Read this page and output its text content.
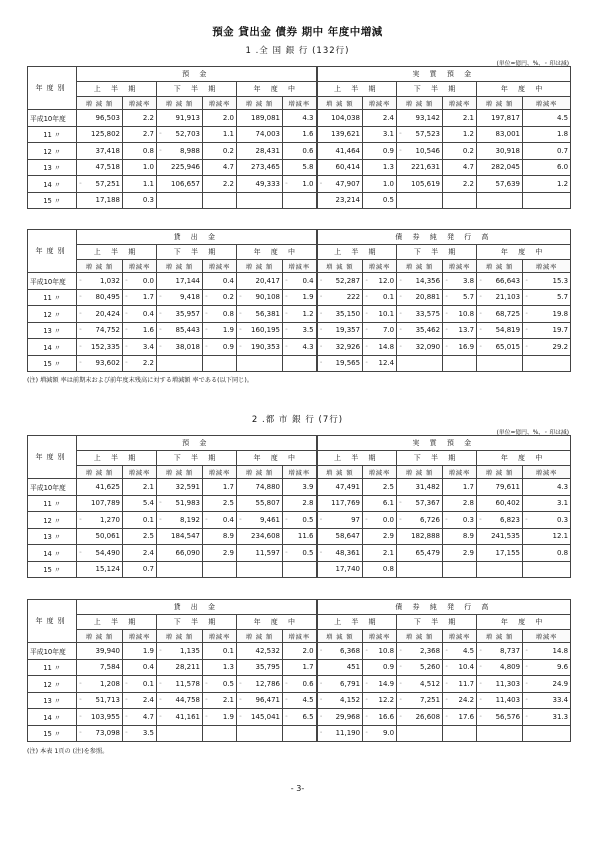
預金 貸出金 債券 期中 年度中増減
1 .全 国 銀 行 (132行)
(単位=億円、%、◦ 印は減)
年度別	預 金						実 質 預 金					
	上 半 期		下 半 期		年 度 中		上 半 期		下 半 期		年 度 中	
	増 減 額	増減率	増 減 額	増減率	増 減 額	増減率	増 減 額	増減率	増 減 額	増減率	増 減 額	増減率
平成10年度	96,503	2.2	91,913	2.0	189,081	4.3	104,038	2.4	93,142	2.1	197,817	4.5
11 〃	125,802	2.7	◦ 52,703	1.1	74,003	1.6	139,621	3.1	◦ 57,523	1.2	83,001	1.8
12 〃	37,418	0.8	◦ 8,988	0.2	28,431	0.6	41,464	0.9	◦ 10,546	0.2	30,918	0.7
13 〃	47,518	1.0	225,946	4.7	273,465	5.8	60,414	1.3	221,631	4.7	282,045	6.0
14 〃	◦ 57,251	1.1	106,657	2.2	49,333	◦ 1.0	◦ 47,907	1.0	105,619	2.2	57,639	1.2
15 〃	17,188	0.3					23,214	0.5				
年度別	貸 出 金						債 券 純 発 行 高					
	上 半 期		下 半 期		年 度 中		上 半 期		下 半 期		年 度 中	
	増 減 額	増減率	増 減 額	増減率	増 減 額	増減率	増 減 額	増減率	増 減 額	増減率	増 減 額	増減率
平成10年度	◦ 1,032	◦ 0.0	17,144	0.4	20,417	◦ 0.4	◦ 52,287	◦ 12.0	◦ 14,356	◦ 3.8	◦ 66,643	◦ 15.3
11 〃	◦ 80,495	◦ 1.7	◦ 9,418	◦ 0.2	◦ 90,108	◦ 1.9	◦ 222	◦ 0.1	◦ 20,881	◦ 5.7	◦ 21,103	◦ 5.7
12 〃	◦ 20,424	◦ 0.4	◦ 35,957	◦ 0.8	◦ 56,381	◦ 1.2	◦ 35,150	◦ 10.1	◦ 33,575	◦ 10.8	◦ 68,725	◦ 19.8
13 〃	◦ 74,752	◦ 1.6	◦ 85,443	◦ 1.9	◦ 160,195	◦ 3.5	◦ 19,357	◦ 7.0	◦ 35,462	◦ 13.7	◦ 54,819	◦ 19.7
14 〃	◦ 152,335	◦ 3.4	◦ 38,018	◦ 0.9	◦ 190,353	◦ 4.3	◦ 32,926	◦ 14.8	◦ 32,090	◦ 16.9	◦ 65,015	◦ 29.2
15 〃	◦ 93,602	◦ 2.2					◦ 19,565	◦ 12.4				
(注) 増減額 率は前期末および前年度末残高に対する増減額 率である(以下同じ)。
2 .都 市 銀 行 (7行)
(単位=億円、%、◦ 印は減)
年度別	預 金						実 質 預 金					
	上 半 期		下 半 期		年 度 中		上 半 期		下 半 期		年 度 中	
	増 減 額	増減率	増 減 額	増減率	増 減 額	増減率	増 減 額	増減率	増 減 額	増減率	増 減 額	増減率
平成10年度	41,625	2.1	32,591	1.7	74,880	3.9	47,491	2.5	31,482	1.7	79,611	4.3
11 〃	107,789	5.4	◦ 51,983	2.5	55,807	2.8	117,769	6.1	◦ 57,367	2.8	60,402	3.1
12 〃	◦ 1,270	0.1	◦ 8,192	◦ 0.4	◦ 9,461	◦ 0.5	◦ 97	◦ 0.0	◦ 6,726	◦ 0.3	◦ 6,823	◦ 0.3
13 〃	50,061	2.5	184,547	8.9	234,608	11.6	58,647	2.9	182,888	8.9	241,535	12.1
14 〃	◦ 54,490	2.4	66,090	2.9	11,597	◦ 0.5	◦ 48,361	2.1	65,479	2.9	17,155	0.8
15 〃	15,124	0.7					17,740	0.8				
年度別	貸 出 金						債 券 純 発 行 高					
	上 半 期		下 半 期		年 度 中		上 半 期		下 半 期		年 度 中	
	増 減 額	増減率	増 減 額	増減率	増 減 額	増減率	増 減 額	増減率	増 減 額	増減率	増 減 額	増減率
平成10年度	39,940	1.9	◦ 1,135	0.1	42,532	2.0	◦ 6,368	◦ 10.8	◦ 2,368	◦ 4.5	◦ 8,737	◦ 14.8
11 〃	7,584	0.4	28,211	1.3	35,795	1.7	451	0.9	◦ 5,260	◦ 10.4	◦ 4,809	◦ 9.6
12 〃	◦ 1,208	◦ 0.1	◦ 11,578	◦ 0.5	◦ 12,786	◦ 0.6	◦ 6,791	◦ 14.9	◦ 4,512	◦ 11.7	◦ 11,303	◦ 24.9
13 〃	◦ 51,713	◦ 2.4	◦ 44,758	◦ 2.1	◦ 96,471	◦ 4.5	◦ 4,152	◦ 12.2	◦ 7,251	◦ 24.2	◦ 11,403	◦ 33.4
14 〃	◦ 103,955	◦ 4.7	◦ 41,161	◦ 1.9	◦ 145,041	◦ 6.5	◦ 29,968	◦ 16.6	◦ 26,608	◦ 17.6	◦ 56,576	◦ 31.3
15 〃	◦ 73,098	◦ 3.5					◦ 11,190	◦ 9.0				
(注) 本表 1頁の (注)を参照。
- 3-
